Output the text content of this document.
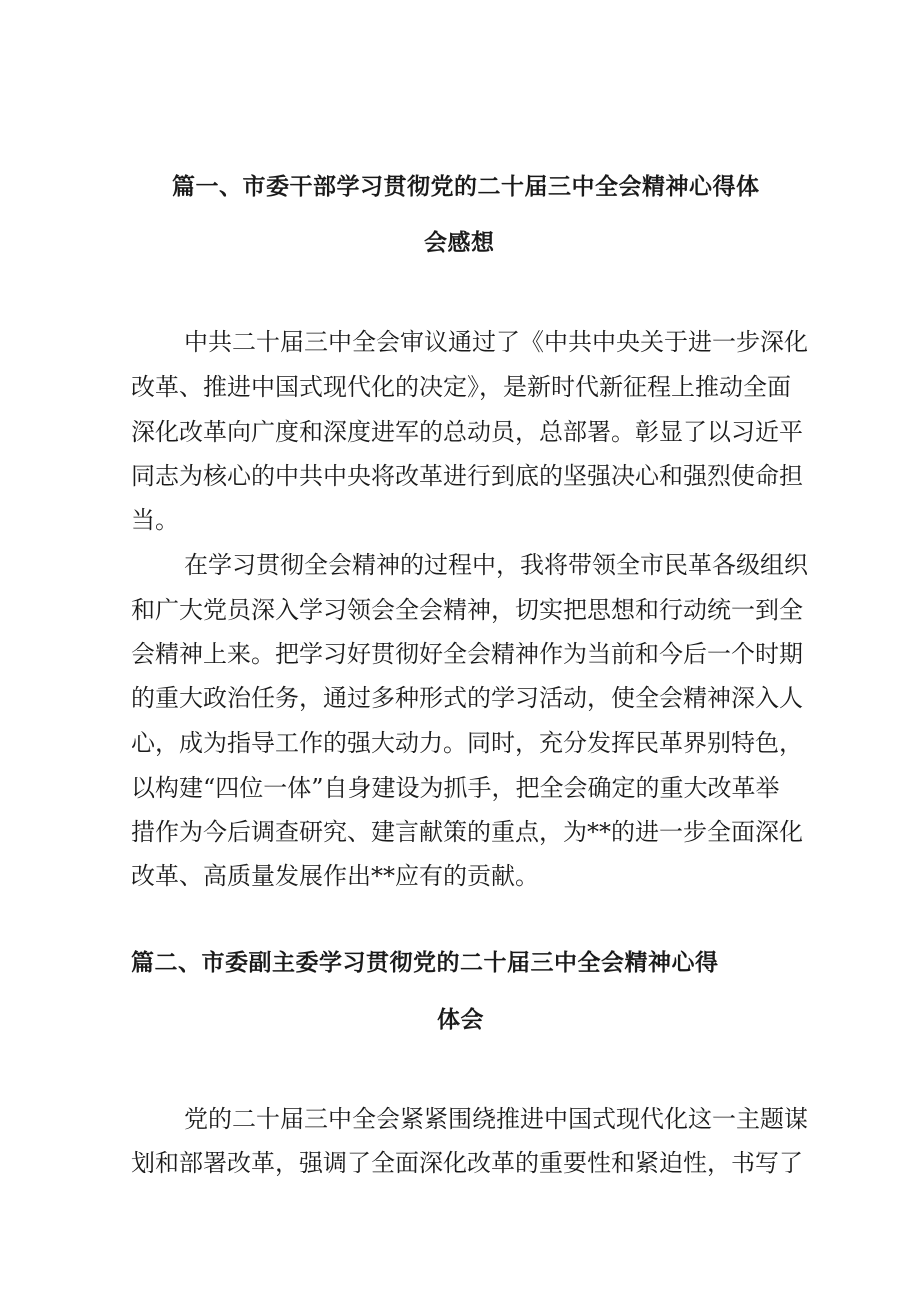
篇一、市委干部学习贯彻党的二十届三中全会精神心得体
会感想
中共二十届三中全会审议通过了《中共中央关于进一步深化
改革、推进中国式现代化的决定》，是新时代新征程上推动全面
深化改革向广度和深度进军的总动员，总部署。彰显了以习近平
同志为核心的中共中央将改革进行到底的坚强决心和强烈使命担
当。
在学习贯彻全会精神的过程中，我将带领全市民革各级组织
和广大党员深入学习领会全会精神，切实把思想和行动统一到全
会精神上来。把学习好贯彻好全会精神作为当前和今后一个时期
的重大政治任务，通过多种形式的学习活动，使全会精神深入人
心，成为指导工作的强大动力。同时，充分发挥民革界别特色，
以构建“四位一体”自身建设为抓手，把全会确定的重大改革举
措作为今后调查研究、建言献策的重点，为**的进一步全面深化
改革、高质量发展作出**应有的贡献。
篇二、市委副主委学习贯彻党的二十届三中全会精神心得
体会
党的二十届三中全会紧紧围绕推进中国式现代化这一主题谋
划和部署改革，强调了全面深化改革的重要性和紧迫性，书写了
